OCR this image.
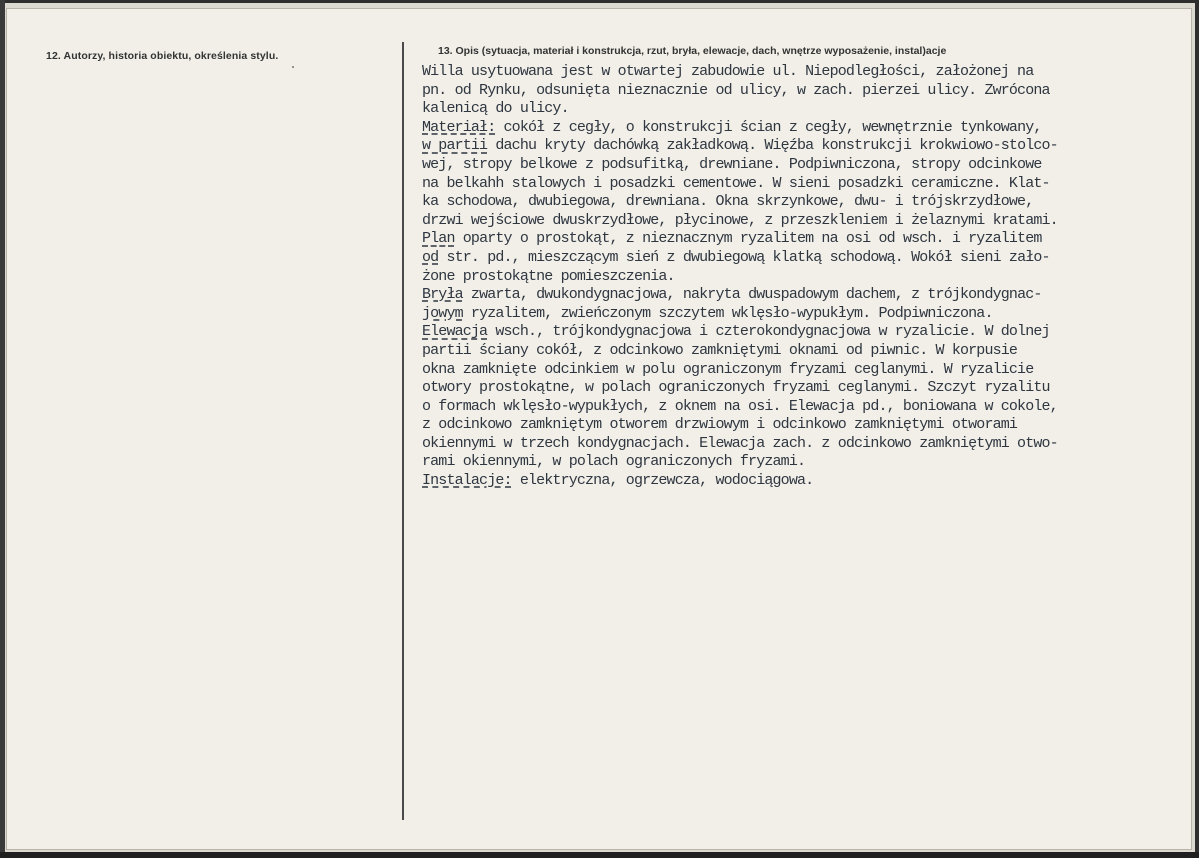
12. Autorzy, historia obiektu, określenia stylu.	13. Opis (sytuacja, materiał i konstrukcja, rzut, bryła, elewacje, dach, wnętrze wyposażenie, instal)acje
Willa usytuowana jest w otwartej zabudowie ul. Niepodległości, założonej na
pn. od Rynku, odsunięta nieznacznie od ulicy, w zach. pierzei ulicy. Zwrócona
kalenicą do ulicy.
Materiał: cokół z cegły, o konstrukcji ścian z cegły, wewnętrznie tynkowany,
w partii dachu kryty dachówką zakładkową. Więźba konstrukcji krokwiowo-stolco-
wej, stropy belkowe z podsufitką, drewniane. Podpiwniczona, stropy odcinkowe
na belkahh stalowych i posadzki cementowe. W sieni posadzki ceramiczne. Klat-
ka schodowa, dwubiegowa, drewniana. Okna skrzynkowe, dwu- i trójskrzydłowe,
drzwi wejściowe dwuskrzydłowe, płycinowe, z przeszkleniem i żelaznymi kratami.
Plan oparty o prostokąt, z nieznacznym ryzalitem na osi od wsch. i ryzalitem
od str. pd., mieszczącym sień z dwubiegową klatką schodową. Wokół sieni zało-
żone prostokątne pomieszczenia.
Bryła zwarta, dwukondygnacjowa, nakryta dwuspadowym dachem, z trójkondygnac-
jowym ryzalitem, zwieńczonym szczytem wklęsło-wypukłym. Podpiwniczona.
Elewacja wsch., trójkondygnacjowa i czterokondygnacjowa w ryzalicie. W dolnej
partii ściany cokół, z odcinkowo zamkniętymi oknami od piwnic. W korpusie
okna zamknięte odcinkiem w polu ograniczonym fryzami ceglanymi. W ryzalicie
otwory prostokątne, w polach ograniczonych fryzami ceglanymi. Szczyt ryzalitu
o formach wklęsło-wypukłych, z oknem na osi. Elewacja pd., boniowana w cokole,
z odcinkowo zamkniętym otworem drzwiowym i odcinkowo zamkniętymi otworami
okiennymi w trzech kondygnacjach. Elewacja zach. z odcinkowo zamkniętymi otwo-
rami okiennymi, w polach ograniczonych fryzami.
Instalacje: elektryczna, ogrzewcza, wodociągowa.
